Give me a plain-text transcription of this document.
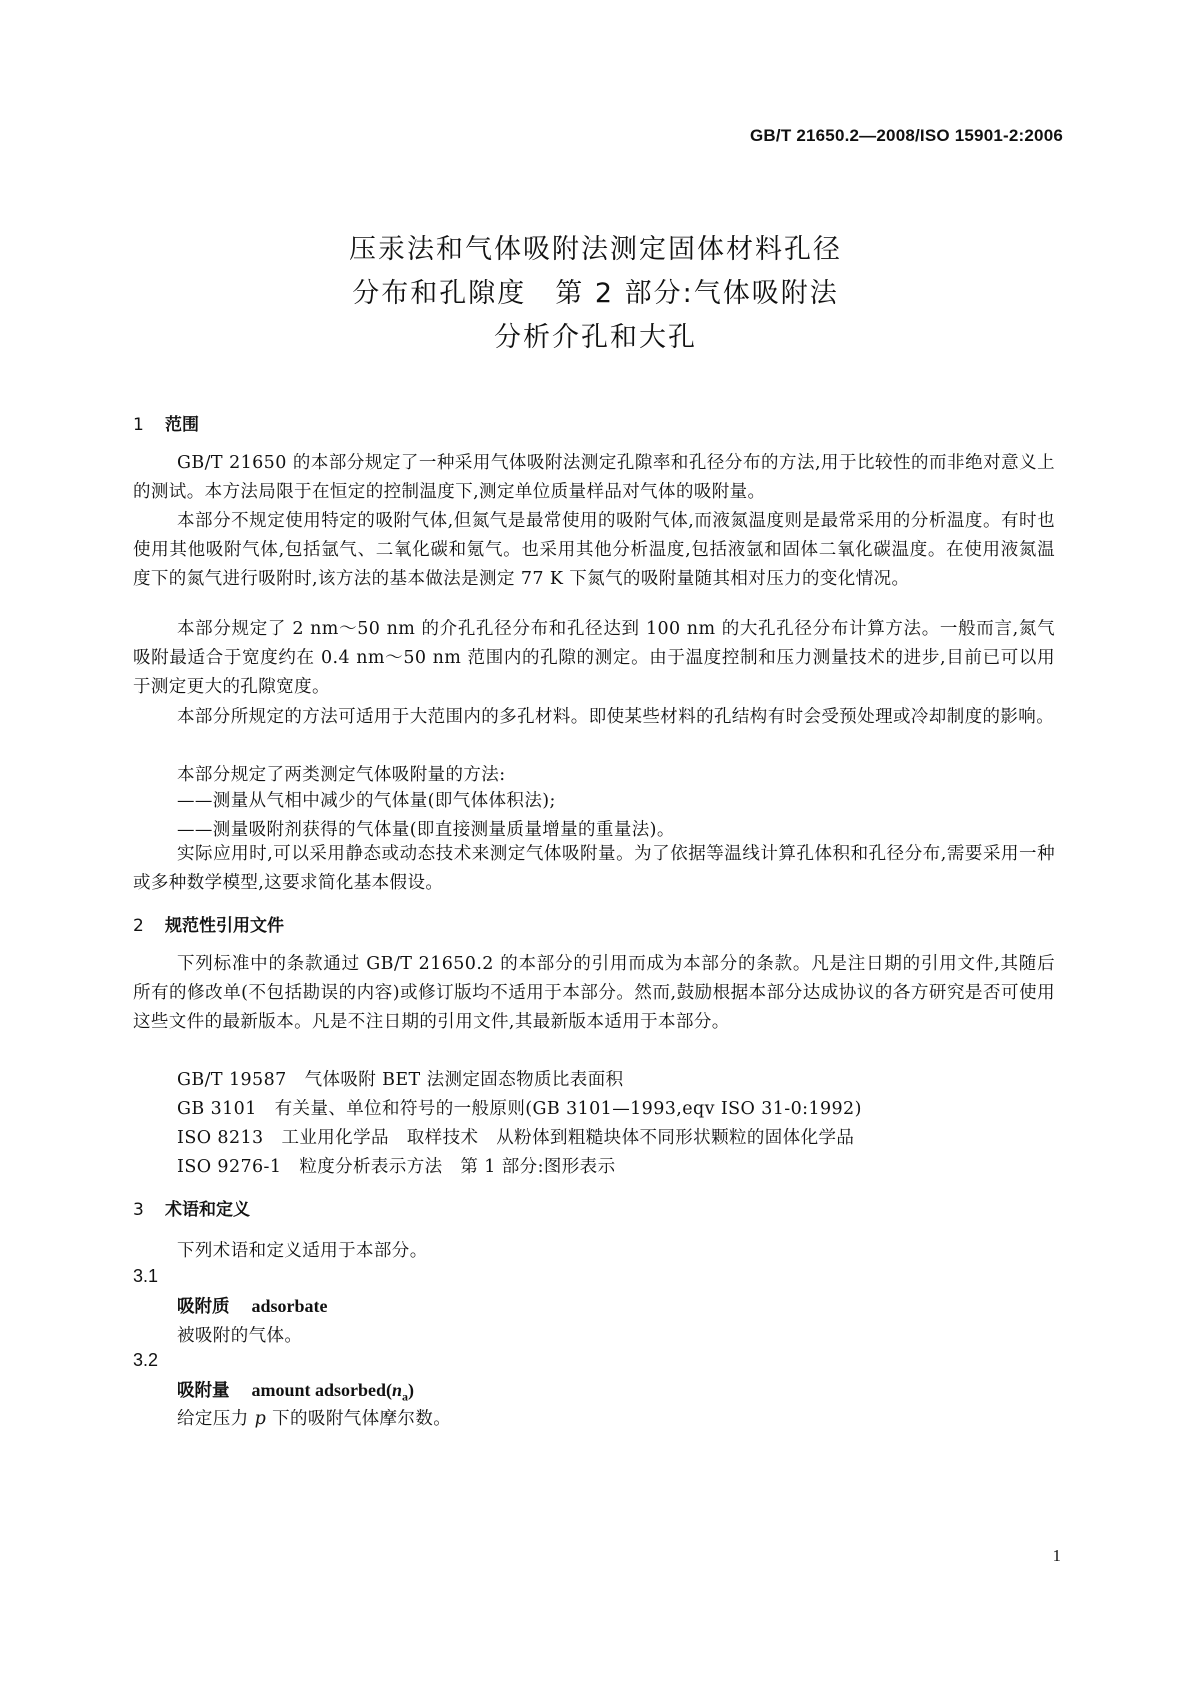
GB/T 21650.2—2008/ISO 15901-2:2006
压汞法和气体吸附法测定固体材料孔径
分布和孔隙度　第 2 部分:气体吸附法
分析介孔和大孔
1 范围
GB/T 21650 的本部分规定了一种采用气体吸附法测定孔隙率和孔径分布的方法,用于比较性的而非绝对意义上的测试。本方法局限于在恒定的控制温度下,测定单位质量样品对气体的吸附量。
本部分不规定使用特定的吸附气体,但氮气是最常使用的吸附气体,而液氮温度则是最常采用的分析温度。有时也使用其他吸附气体,包括氩气、二氧化碳和氪气。也采用其他分析温度,包括液氩和固体二氧化碳温度。在使用液氮温度下的氮气进行吸附时,该方法的基本做法是测定 77 K 下氮气的吸附量随其相对压力的变化情况。
本部分规定了 2 nm～50 nm 的介孔孔径分布和孔径达到 100 nm 的大孔孔径分布计算方法。一般而言,氮气吸附最适合于宽度约在 0.4 nm～50 nm 范围内的孔隙的测定。由于温度控制和压力测量技术的进步,目前已可以用于测定更大的孔隙宽度。
本部分所规定的方法可适用于大范围内的多孔材料。即使某些材料的孔结构有时会受预处理或冷却制度的影响。
本部分规定了两类测定气体吸附量的方法:
——测量从气相中减少的气体量(即气体体积法);
——测量吸附剂获得的气体量(即直接测量质量增量的重量法)。
实际应用时,可以采用静态或动态技术来测定气体吸附量。为了依据等温线计算孔体积和孔径分布,需要采用一种或多种数学模型,这要求简化基本假设。
2 规范性引用文件
下列标准中的条款通过 GB/T 21650.2 的本部分的引用而成为本部分的条款。凡是注日期的引用文件,其随后所有的修改单(不包括勘误的内容)或修订版均不适用于本部分。然而,鼓励根据本部分达成协议的各方研究是否可使用这些文件的最新版本。凡是不注日期的引用文件,其最新版本适用于本部分。
GB/T 19587　 气体吸附 BET 法测定固态物质比表面积
GB 3101　 有关量、单位和符号的一般原则(GB 3101—1993,eqv ISO 31-0:1992)
ISO 8213　 工业用化学品　取样技术　从粉体到粗糙块体不同形状颗粒的固体化学品
ISO 9276-1　 粒度分析表示方法　第 1 部分:图形表示
3 术语和定义
下列术语和定义适用于本部分。
3.1
吸附质 adsorbate
被吸附的气体。
3.2
吸附量 amount $adsorbed(n_a)$
给定压力 p 下的吸附气体摩尔数。
1
